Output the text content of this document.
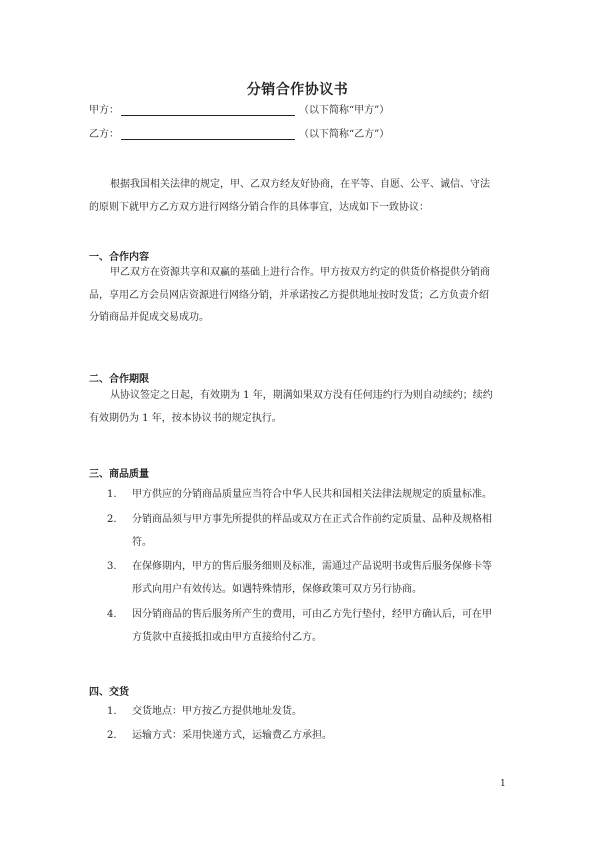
分销合作协议书
甲方：	（以下简称“甲方”）
乙方：	（以下简称“乙方”）
根据我国相关法律的规定，甲、乙双方经友好协商，在平等、自愿、公平、诚信、守法
的原则下就甲方乙方双方进行网络分销合作的具体事宜，达成如下一致协议：
一、合作内容
甲乙双方在资源共享和双赢的基础上进行合作。甲方按双方约定的供货价格提供分销商
品，享用乙方会员网店资源进行网络分销，并承诺按乙方提供地址按时发货；乙方负责介绍
分销商品并促成交易成功。
二、合作期限
从协议签定之日起，有效期为 1 年，期满如果双方没有任何违约行为则自动续约；续约
有效期仍为 1 年，按本协议书的规定执行。
三、商品质量
1. 甲方供应的分销商品质量应当符合中华人民共和国相关法律法规规定的质量标准。
2. 分销商品须与甲方事先所提供的样品或双方在正式合作前约定质量、品种及规格相
符。
3. 在保修期内，甲方的售后服务细则及标准，需通过产品说明书或售后服务保修卡等
形式向用户有效传达。如遇特殊情形，保修政策可双方另行协商。
4. 因分销商品的售后服务所产生的费用，可由乙方先行垫付，经甲方确认后，可在甲
方货款中直接抵扣或由甲方直接给付乙方。
四、交货
1. 交货地点：甲方按乙方提供地址发货。
2. 运输方式：采用快递方式，运输费乙方承担。
1
